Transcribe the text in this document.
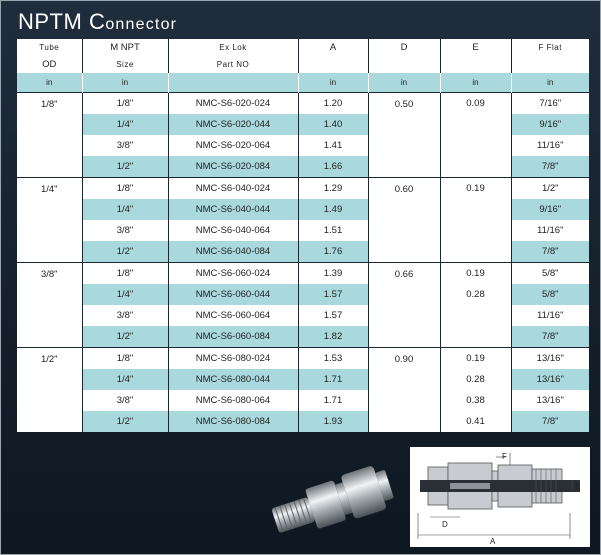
NPTM Connector
Tube	M NPT	Ex Lok	A	D	E	F Flat
OD	Size	Part NO				
in	in		in	in	in	in
1/8"	1/8"	NMC-S6-020-024	1.20	0.50	0.09	7/16"
	1/4"	NMC-S6-020-044	1.40			9/16"
	3/8"	NMC-S6-020-064	1.41			11/16"
	1/2"	NMC-S6-020-084	1.66			7/8"
1/4"	1/8"	NMC-S6-040-024	1.29	0.60	0.19	1/2"
	1/4"	NMC-S6-040-044	1.49			9/16"
	3/8"	NMC-S6-040-064	1.51			11/16"
	1/2"	NMC-S6-040-084	1.76			7/8"
3/8"	1/8"	NMC-S6-060-024	1.39	0.66	0.19	5/8"
	1/4"	NMC-S6-060-044	1.57		0.28	5/8"
	3/8"	NMC-S6-060-064	1.57			11/16"
	1/2"	NMC-S6-060-084	1.82			7/8"
1/2"	1/8"	NMC-S6-080-024	1.53	0.90	0.19	13/16"
	1/4"	NMC-S6-080-044	1.71		0.28	13/16"
	3/8"	NMC-S6-080-064	1.71		0.38	13/16"
	1/2"	NMC-S6-080-084	1.93		0.41	7/8"
F
E
D
A
